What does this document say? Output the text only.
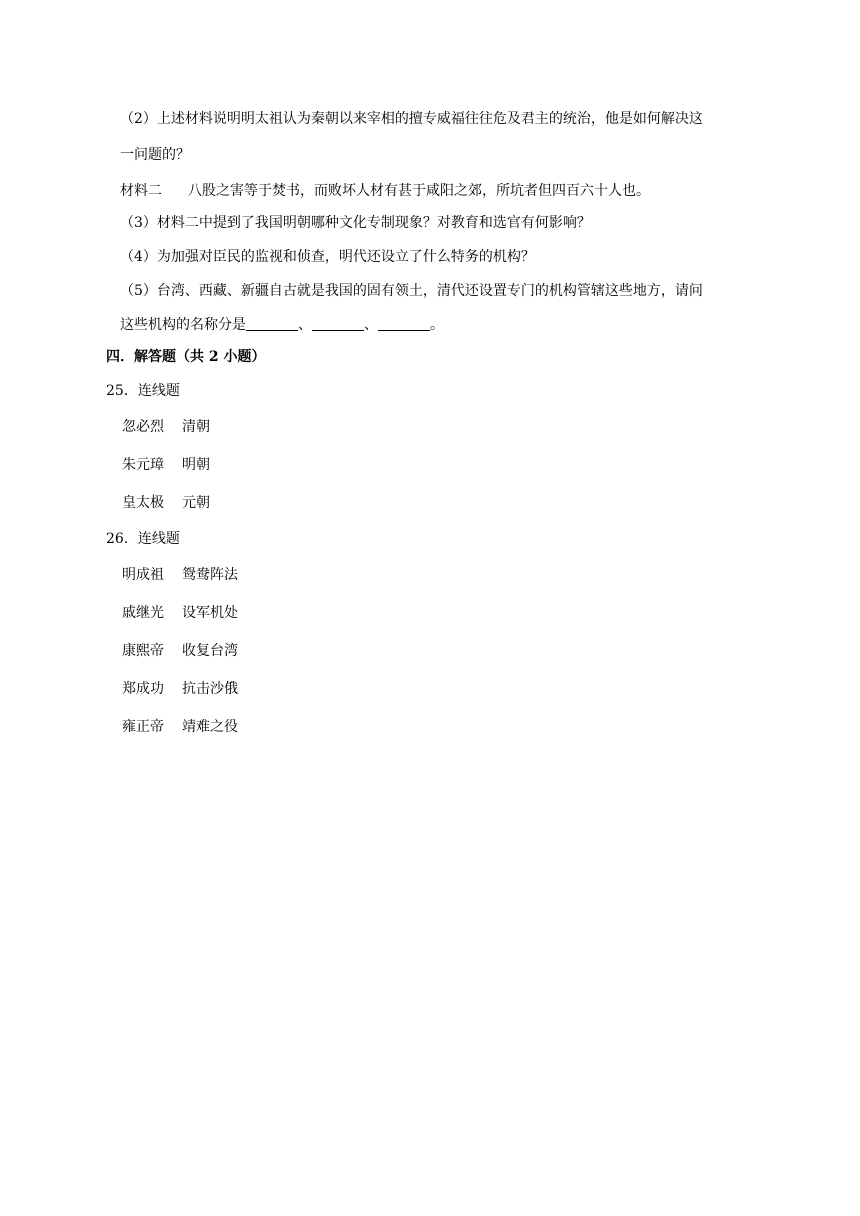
（2）上述材料说明明太祖认为秦朝以来宰相的擅专威福往往危及君主的统治，他是如何解决这
一问题的？
材料二 八股之害等于焚书，而败坏人材有甚于咸阳之郊，所坑者但四百六十人也。
（3）材料二中提到了我国明朝哪种文化专制现象？对教育和选官有何影响？
（4）为加强对臣民的监视和侦查，明代还设立了什么特务的机构？
（5）台湾、西藏、新疆自古就是我国的固有领土，清代还设置专门的机构管辖这些地方，请问
这些机构的名称分是	、	、	。
四．解答题（共 2 小题）
25．连线题
忽必烈 清朝
朱元璋 明朝
皇太极 元朝
26．连线题
明成祖 鸳鸯阵法
戚继光 设军机处
康熙帝 收复台湾
郑成功 抗击沙俄
雍正帝 靖难之役
